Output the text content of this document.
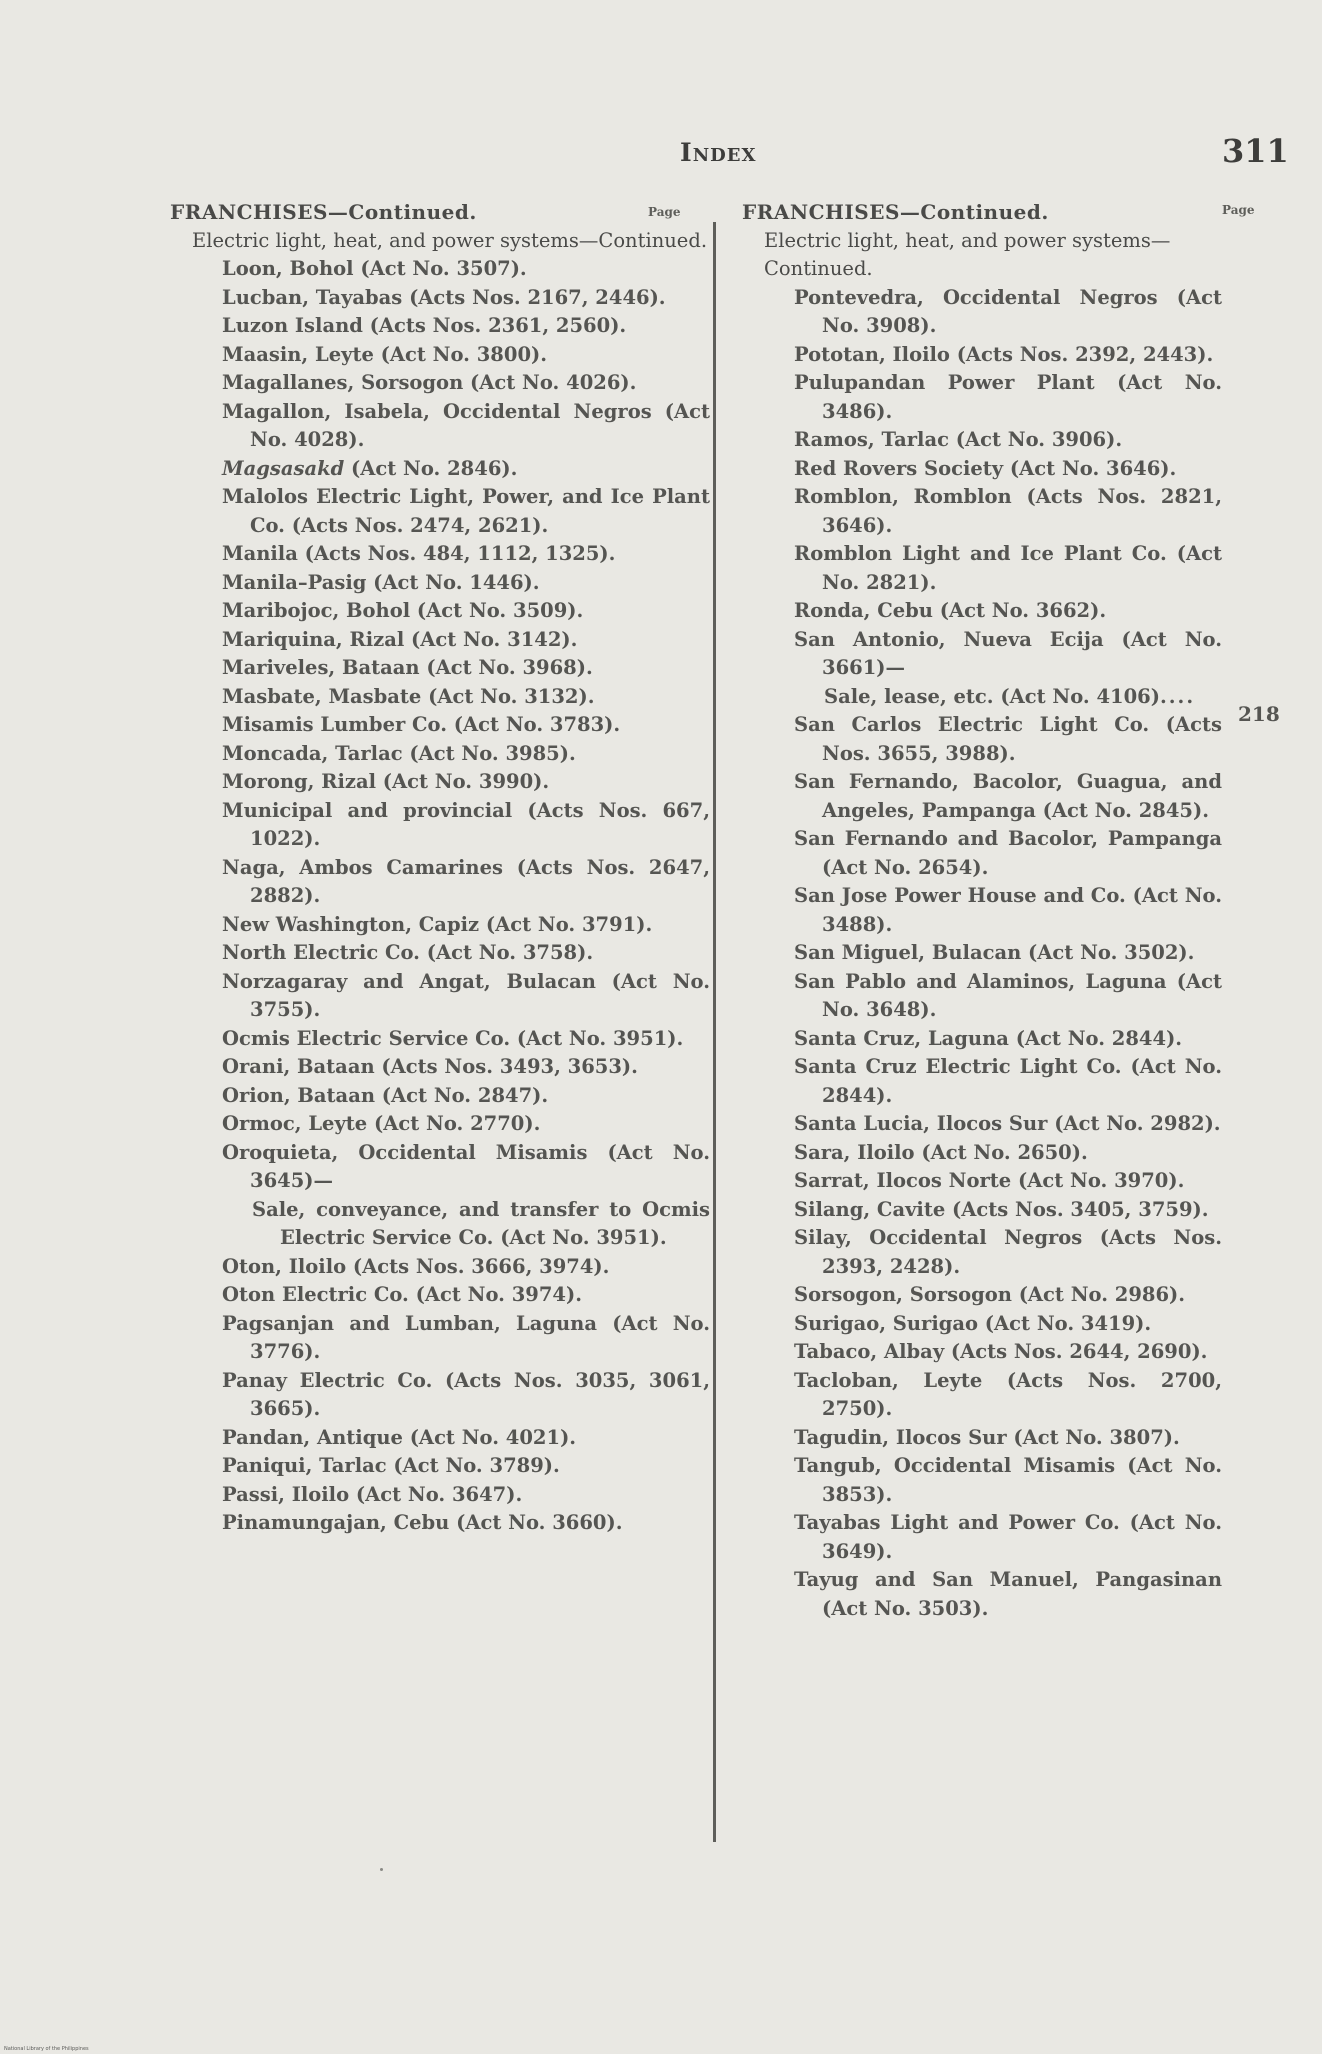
Index	311
Page	Page
FRANCHISES—Continued.
Electric light, heat, and power systems—Continued.
Loon, Bohol (Act No. 3507).
Lucban, Tayabas (Acts Nos. 2167, 2446).
Luzon Island (Acts Nos. 2361, 2560).
Maasin, Leyte (Act No. 3800).
Magallanes, Sorsogon (Act No. 4026).
Magallon, Isabela, Occidental Negros (Act No. 4028).
Magsasakd (Act No. 2846).
Malolos Electric Light, Power, and Ice Plant Co. (Acts Nos. 2474, 2621).
Manila (Acts Nos. 484, 1112, 1325).
Manila–Pasig (Act No. 1446).
Maribojoc, Bohol (Act No. 3509).
Mariquina, Rizal (Act No. 3142).
Mariveles, Bataan (Act No. 3968).
Masbate, Masbate (Act No. 3132).
Misamis Lumber Co. (Act No. 3783).
Moncada, Tarlac (Act No. 3985).
Morong, Rizal (Act No. 3990).
Municipal and provincial (Acts Nos. 667, 1022).
Naga, Ambos Camarines (Acts Nos. 2647, 2882).
New Washington, Capiz (Act No. 3791).
North Electric Co. (Act No. 3758).
Norzagaray and Angat, Bulacan (Act No. 3755).
Ocmis Electric Service Co. (Act No. 3951).
Orani, Bataan (Acts Nos. 3493, 3653).
Orion, Bataan (Act No. 2847).
Ormoc, Leyte (Act No. 2770).
Oroquieta, Occidental Misamis (Act No. 3645)—
Sale, conveyance, and transfer to Ocmis Electric Service Co. (Act No. 3951).
Oton, Iloilo (Acts Nos. 3666, 3974).
Oton Electric Co. (Act No. 3974).
Pagsanjan and Lumban, Laguna (Act No. 3776).
Panay Electric Co. (Acts Nos. 3035, 3061, 3665).
Pandan, Antique (Act No. 4021).
Paniqui, Tarlac (Act No. 3789).
Passi, Iloilo (Act No. 3647).
Pinamungajan, Cebu (Act No. 3660).
FRANCHISES—Continued.
Electric light, heat, and power systems—Continued.
Pontevedra, Occidental Negros (Act No. 3908).
Pototan, Iloilo (Acts Nos. 2392, 2443).
Pulupandan Power Plant (Act No. 3486).
Ramos, Tarlac (Act No. 3906).
Red Rovers Society (Act No. 3646).
Romblon, Romblon (Acts Nos. 2821, 3646).
Romblon Light and Ice Plant Co. (Act No. 2821).
Ronda, Cebu (Act No. 3662).
San Antonio, Nueva Ecija (Act No. 3661)—
Sale, lease, etc. (Act No. 4106)....
San Carlos Electric Light Co. (Acts Nos. 3655, 3988).
San Fernando, Bacolor, Guagua, and Angeles, Pampanga (Act No. 2845).
San Fernando and Bacolor, Pampanga (Act No. 2654).
San Jose Power House and Co. (Act No. 3488).
San Miguel, Bulacan (Act No. 3502).
San Pablo and Alaminos, Laguna (Act No. 3648).
Santa Cruz, Laguna (Act No. 2844).
Santa Cruz Electric Light Co. (Act No. 2844).
Santa Lucia, Ilocos Sur (Act No. 2982).
Sara, Iloilo (Act No. 2650).
Sarrat, Ilocos Norte (Act No. 3970).
Silang, Cavite (Acts Nos. 3405, 3759).
Silay, Occidental Negros (Acts Nos. 2393, 2428).
Sorsogon, Sorsogon (Act No. 2986).
Surigao, Surigao (Act No. 3419).
Tabaco, Albay (Acts Nos. 2644, 2690).
Tacloban, Leyte (Acts Nos. 2700, 2750).
Tagudin, Ilocos Sur (Act No. 3807).
Tangub, Occidental Misamis (Act No. 3853).
Tayabas Light and Power Co. (Act No. 3649).
Tayug and San Manuel, Pangasinan (Act No. 3503).
218
National Library of the Philippines
